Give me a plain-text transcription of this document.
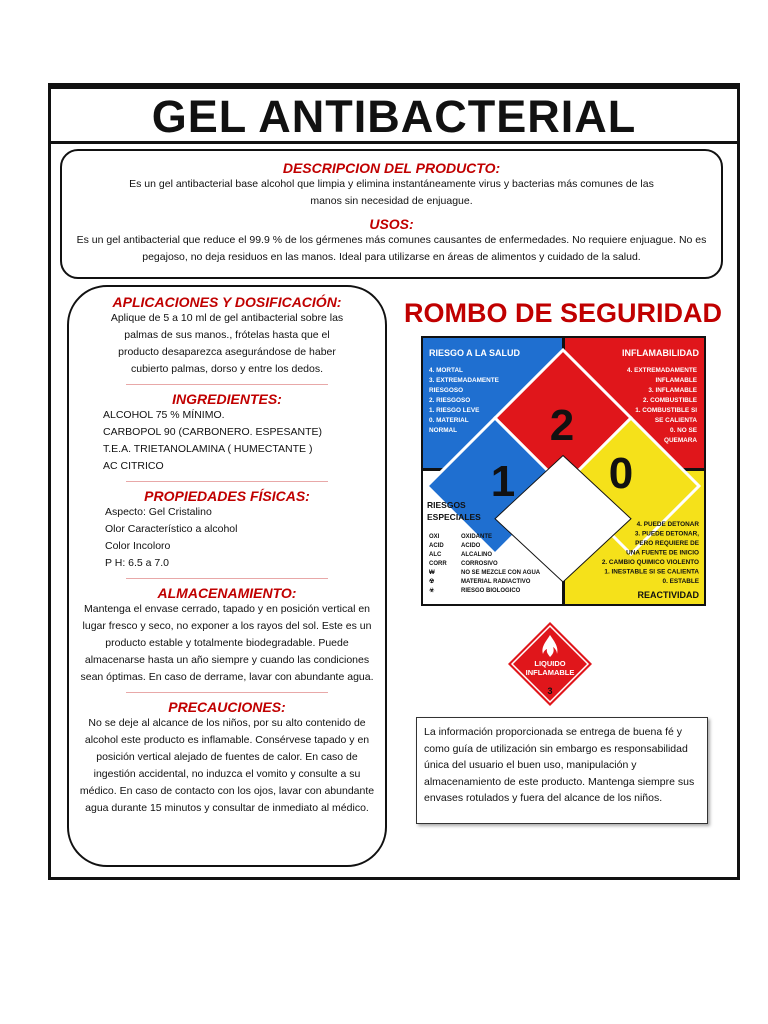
GEL ANTIBACTERIAL
DESCRIPCION DEL PRODUCTO:
Es un gel antibacterial base alcohol que limpia y elimina instantáneamente virus y bacterias más comunes de las manos sin necesidad de enjuague.
USOS:
Es un gel antibacterial que reduce el 99.9 % de los gérmenes más comunes causantes de enfermedades. No requiere enjuague. No es pegajoso, no deja residuos en las manos. Ideal para utilizarse en áreas de alimentos y cuidado de la salud.
APLICACIONES Y DOSIFICACIÓN:
Aplique de 5 a 10 ml de gel antibacterial sobre las palmas de sus manos., frótelas hasta que el producto desaparezca asegurándose de haber cubierto palmas, dorso y entre los dedos.
INGREDIENTES:
ALCOHOL 75 % MÍNIMO.
CARBOPOL 90 (CARBONERO. ESPESANTE)
T.E.A. TRIETANOLAMINA ( HUMECTANTE )
AC CITRICO
PROPIEDADES FÍSICAS:
Aspecto: Gel Cristalino
Olor Característico a alcohol
Color Incoloro
P H: 6.5 a 7.0
ALMACENAMIENTO:
Mantenga el envase cerrado, tapado y en posición vertical en lugar fresco y seco, no exponer a los rayos del sol. Este es un producto estable y totalmente biodegradable. Puede almacenarse hasta un año siempre y cuando las condiciones sean óptimas. En caso de derrame, lavar con abundante agua.
PRECAUCIONES:
No se deje al alcance de los niños, por su alto contenido de alcohol este producto es inflamable. Consérvese tapado y en posición vertical alejado de fuentes de calor. En caso de ingestión accidental, no induzca el vomito y consulte a su médico. En caso de contacto con los ojos, lavar con abundante agua durante 15 minutos y consultar de inmediato al médico.
ROMBO DE SEGURIDAD
2
1 0
RIESGO A LA SALUD
4. MORTAL
3. EXTREMADAMENTE
RIESGOSO
2. RIESGOSO
1. RIESGO LEVE
0. MATERIAL
NORMAL
INFLAMABILIDAD
4. EXTREMADAMENTE
INFLAMABLE
3. INFLAMABLE
2. COMBUSTIBLE
1. COMBUSTIBLE SI
SE CALIENTA
0. NO SE
QUEMARA
RIESGOS
ESPECIALES
OXI	OXIDANTE
ACID	ACIDO
ALC	ALCALINO
CORR CORROSIVO
₩	NO SE MEZCLE CON AGUA
☢	MATERIAL RADIACTIVO
☣	RIESGO BIOLOGICO
4. PUEDE DETONAR
3. PUEDE DETONAR,
PERO REQUIERE DE
UNA FUENTE DE INICIO
2. CAMBIO QUIMICO VIOLENTO
1. INESTABLE SI SE CALIENTA
0. ESTABLE
REACTIVIDAD
LIQUIDO
INFLAMABLE
3
La información proporcionada se entrega de buena fé y como guía de utilización sin embargo es responsabilidad única del usuario el buen uso, manipulación y almacenamiento de este producto. Mantenga siempre sus envases rotulados y fuera del alcance de los niños.
